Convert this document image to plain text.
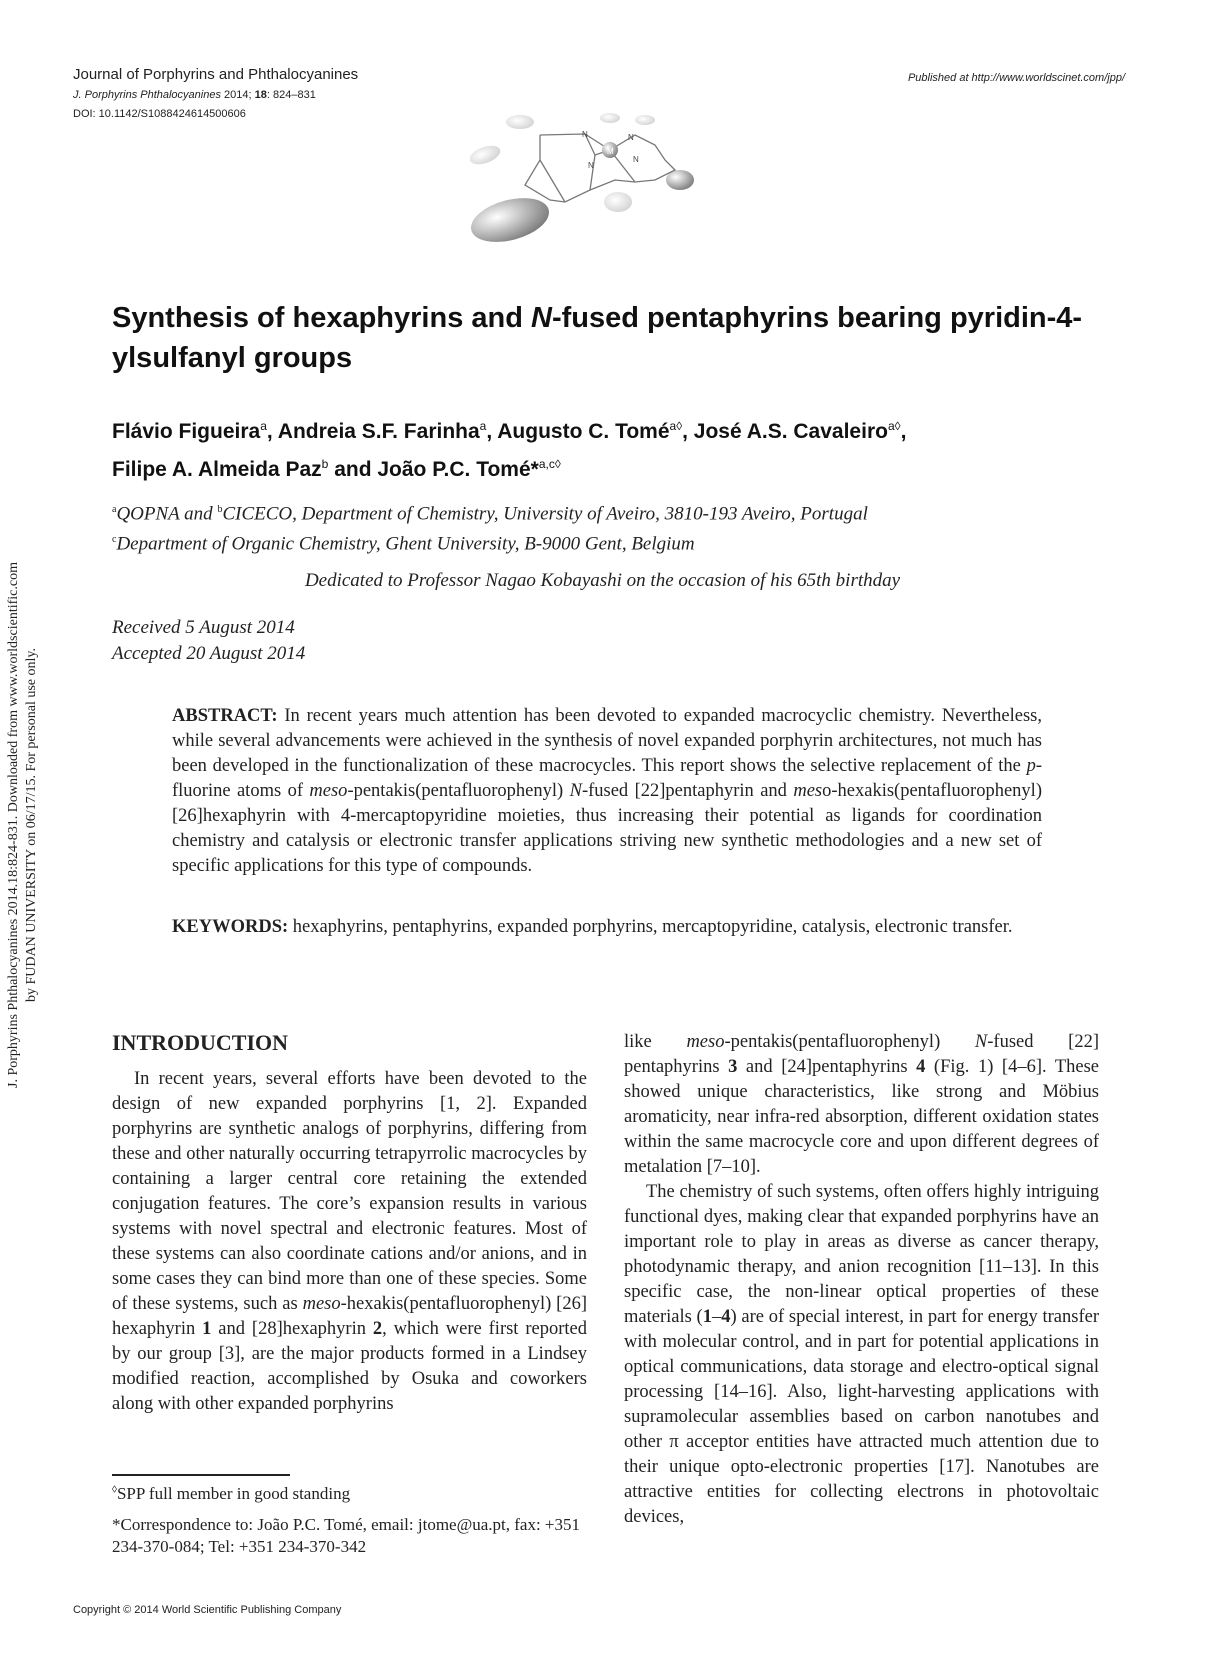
Journal of Porphyrins and Phthalocyanines
J. Porphyrins Phthalocyanines 2014; 18: 824–831
DOI: 10.1142/S1088424614500606
Published at http://www.worldscinet.com/jpp/
M
N	N
N
N
J. Porphyrins Phthalocyanines 2014.18:824-831. Downloaded from www.worldscientific.com by FUDAN UNIVERSITY on 06/17/15. For personal use only.
Synthesis of hexaphyrins and N-fused pentaphyrins bearing pyridin-4-ylsulfanyl groups
Flávio Figueira$^a$, Andreia S.F. Farinha$^a$, Augusto C. Tomé$^{a◊}$, José A.S. Cavaleiro$^{a◊}$,
Filipe A. Almeida Paz$^b$ and João P.C. Tomé*$^{a,c◊}$
$^a$QOPNA and $^b$CICECO, Department of Chemistry, University of Aveiro, 3810-193 Aveiro, Portugal
$^c$Department of Organic Chemistry, Ghent University, B-9000 Gent, Belgium
Dedicated to Professor Nagao Kobayashi on the occasion of his 65th birthday
Received 5 August 2014
Accepted 20 August 2014
ABSTRACT: In recent years much attention has been devoted to expanded macrocyclic chemistry. Nevertheless, while several advancements were achieved in the synthesis of novel expanded porphyrin architectures, not much has been developed in the functionalization of these macrocycles. This report shows the selective replacement of the p-fluorine atoms of meso-pentakis(pentafluorophenyl) N-fused [22]pentaphyrin and meso-hexakis(pentafluorophenyl) [26]hexaphyrin with 4-mercaptopyridine moieties, thus increasing their potential as ligands for coordination chemistry and catalysis or electronic transfer applications striving new synthetic methodologies and a new set of specific applications for this type of compounds.
KEYWORDS: hexaphyrins, pentaphyrins, expanded porphyrins, mercaptopyridine, catalysis, electronic transfer.
INTRODUCTION
In recent years, several efforts have been devoted to the design of new expanded porphyrins [1, 2]. Expanded porphyrins are synthetic analogs of porphyrins, differing from these and other naturally occurring tetrapyrrolic macrocycles by containing a larger central core retaining the extended conjugation features. The core’s expansion results in various systems with novel spectral and electronic features. Most of these systems can also coordinate cations and/or anions, and in some cases they can bind more than one of these species. Some of these systems, such as meso-hexakis(pentafluorophenyl) [26] hexaphyrin 1 and [28]hexaphyrin 2, which were first reported by our group [3], are the major products formed in a Lindsey modified reaction, accomplished by Osuka and coworkers along with other expanded porphyrins

like meso-pentakis(pentafluorophenyl) N-fused [22] pentaphyrins 3 and [24]pentaphyrins 4 (Fig. 1) [4–6]. These showed unique characteristics, like strong and Möbius aromaticity, near infra-red absorption, different oxidation states within the same macrocycle core and upon different degrees of metalation [7–10].

The chemistry of such systems, often offers highly intriguing functional dyes, making clear that expanded porphyrins have an important role to play in areas as diverse as cancer therapy, photodynamic therapy, and anion recognition [11–13]. In this specific case, the non-linear optical properties of these materials (1–4) are of special interest, in part for energy transfer with molecular control, and in part for potential applications in optical communications, data storage and electro-optical signal processing [14–16]. Also, light-harvesting applications with supramolecular assemblies based on carbon nanotubes and other π acceptor entities have attracted much attention due to their unique opto-electronic properties [17]. Nanotubes are attractive entities for collecting electrons in photovoltaic devices,

◊SPP full member in good standing
*Correspondence to: João P.C. Tomé, email: jtome@ua.pt, fax: +351 234-370-084; Tel: +351 234-370-342
Copyright © 2014 World Scientific Publishing Company
